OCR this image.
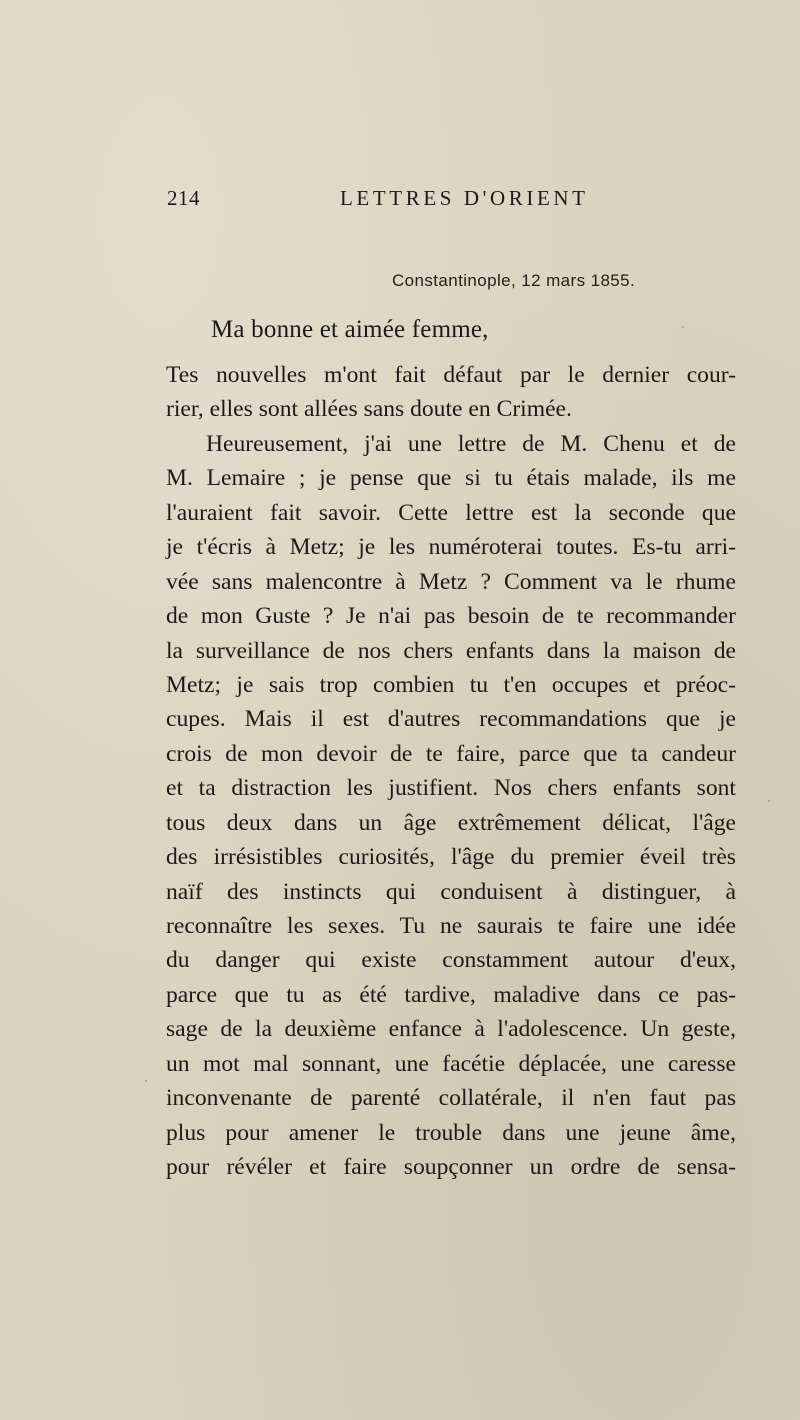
214	LETTRES D'ORIENT
Constantinople, 12 mars 1855.
Ma bonne et aimée femme,
Tes nouvelles m'ont fait défaut par le dernier cour-
rier, elles sont allées sans doute en Crimée.
Heureusement, j'ai une lettre de M. Chenu et de
M. Lemaire ; je pense que si tu étais malade, ils me
l'auraient fait savoir. Cette lettre est la seconde que
je t'écris à Metz; je les numéroterai toutes. Es-tu arri-
vée sans malencontre à Metz ? Comment va le rhume
de mon Guste ? Je n'ai pas besoin de te recommander
la surveillance de nos chers enfants dans la maison de
Metz; je sais trop combien tu t'en occupes et préoc-
cupes. Mais il est d'autres recommandations que je
crois de mon devoir de te faire, parce que ta candeur
et ta distraction les justifient. Nos chers enfants sont
tous deux dans un âge extrêmement délicat, l'âge
des irrésistibles curiosités, l'âge du premier éveil très
naïf des instincts qui conduisent à distinguer, à
reconnaître les sexes. Tu ne saurais te faire une idée
du danger qui existe constamment autour d'eux,
parce que tu as été tardive, maladive dans ce pas-
sage de la deuxième enfance à l'adolescence. Un geste,
un mot mal sonnant, une facétie déplacée, une caresse
inconvenante de parenté collatérale, il n'en faut pas
plus pour amener le trouble dans une jeune âme,
pour révéler et faire soupçonner un ordre de sensa-
